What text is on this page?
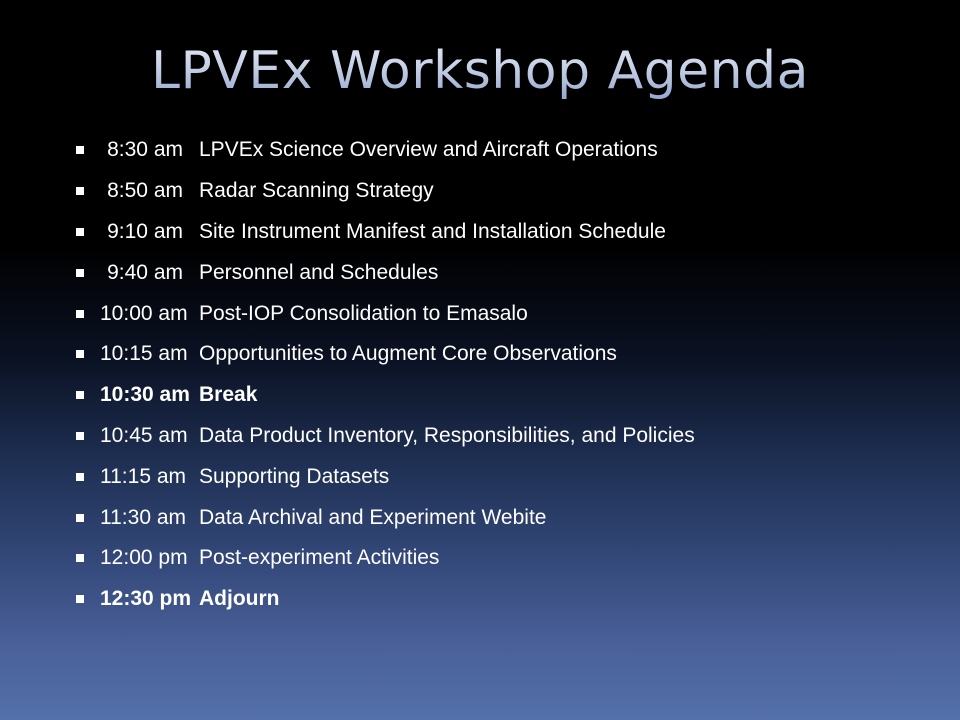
LPVEx Workshop Agenda
8:30 am LPVEx Science Overview and Aircraft Operations
8:50 am Radar Scanning Strategy
9:10 am Site Instrument Manifest and Installation Schedule
9:40 am Personnel and Schedules
10:00 am Post-IOP Consolidation to Emasalo
10:15 am Opportunities to Augment Core Observations
10:30 am Break
10:45 am Data Product Inventory, Responsibilities, and Policies
11:15 am Supporting Datasets
11:30 am Data Archival and Experiment Webite
12:00 pm Post-experiment Activities
12:30 pm Adjourn
